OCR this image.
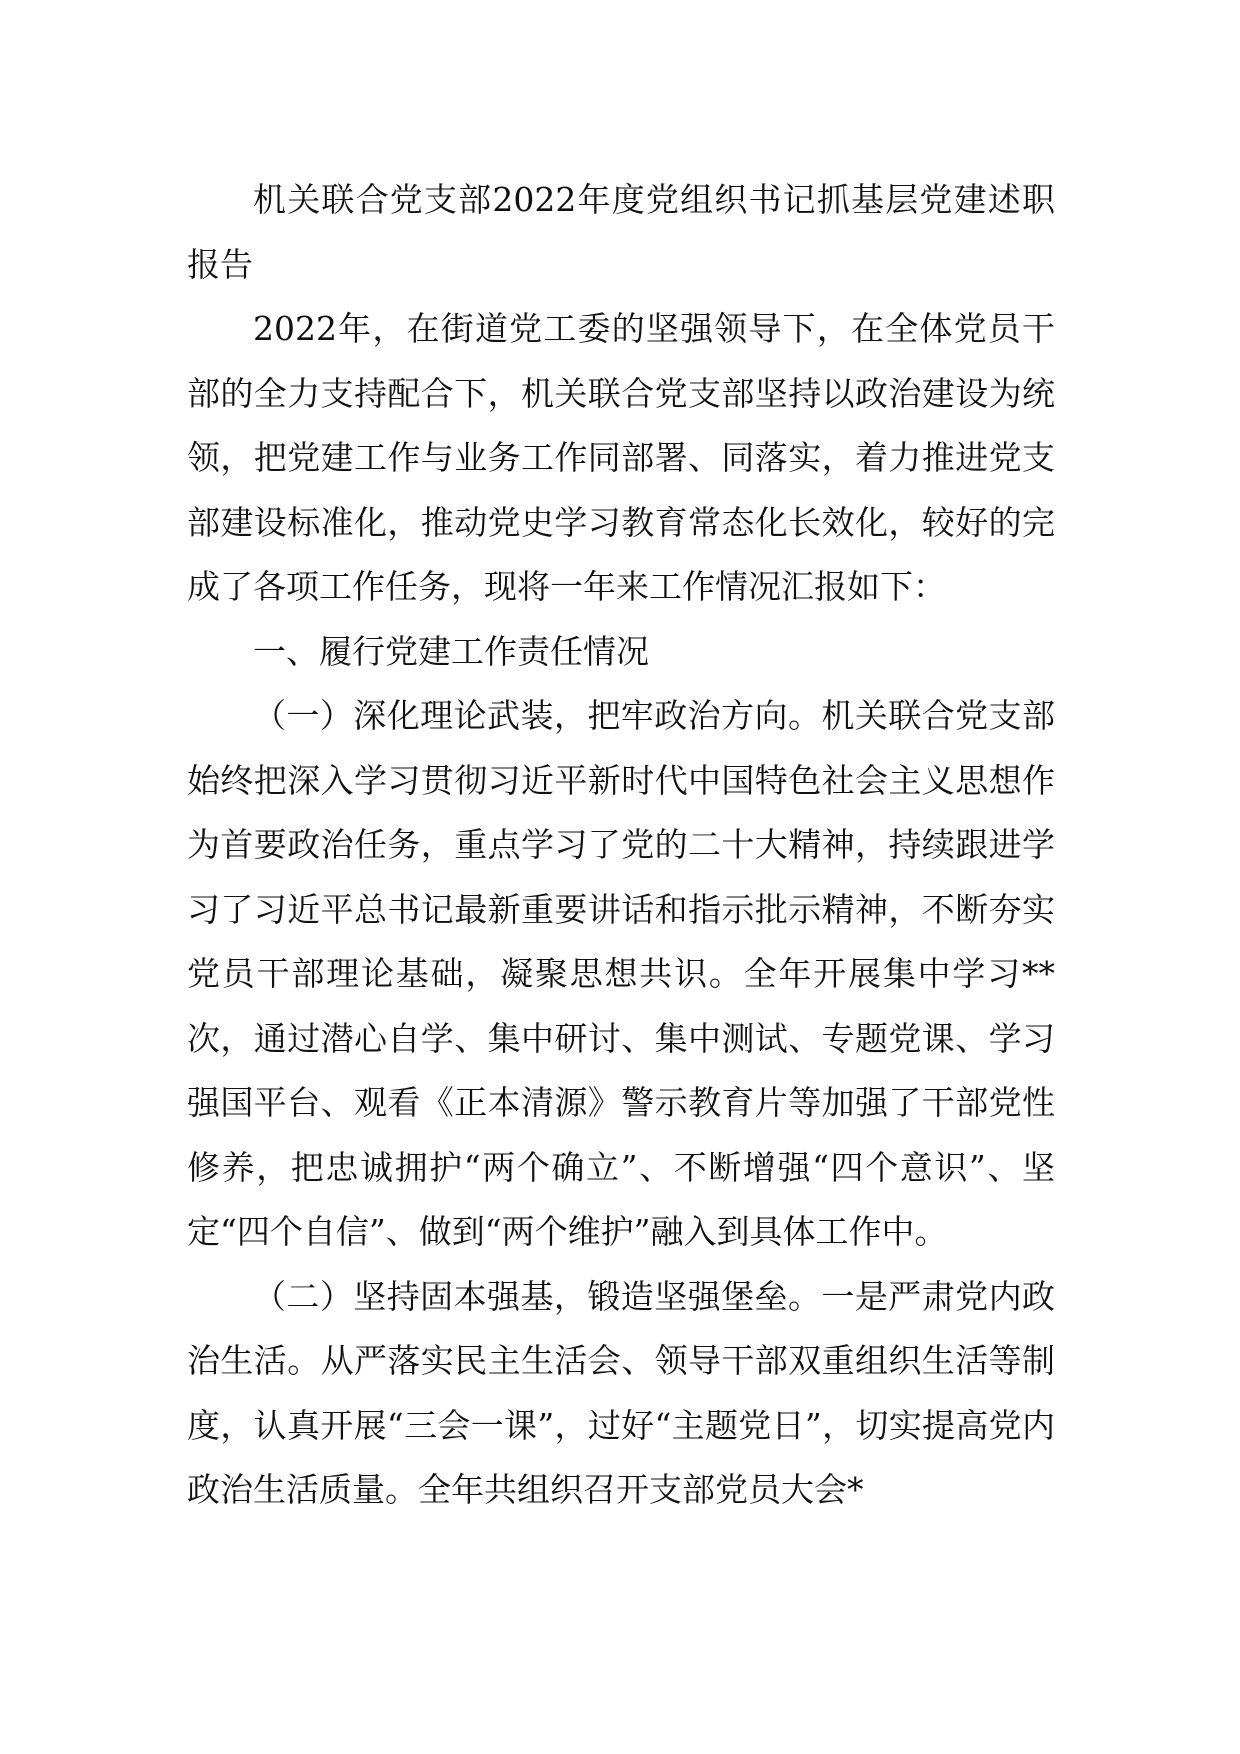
机关联合党支部2022年度党组织书记抓基层党建述职报告

2022年，在街道党工委的坚强领导下，在全体党员干部的全力支持配合下，机关联合党支部坚持以政治建设为统领，把党建工作与业务工作同部署、同落实，着力推进党支部建设标准化，推动党史学习教育常态化长效化，较好的完成了各项工作任务，现将一年来工作情况汇报如下：

一、履行党建工作责任情况

（一）深化理论武装，把牢政治方向。机关联合党支部始终把深入学习贯彻习近平新时代中国特色社会主义思想作为首要政治任务，重点学习了党的二十大精神，持续跟进学习了习近平总书记最新重要讲话和指示批示精神，不断夯实党员干部理论基础，凝聚思想共识。全年开展集中学习**次，通过潜心自学、集中研讨、集中测试、专题党课、学习强国平台、观看《正本清源》警示教育片等加强了干部党性修养，把忠诚拥护“两个确立”、不断增强“四个意识”、坚定“四个自信”、做到“两个维护”融入到具体工作中。

（二）坚持固本强基，锻造坚强堡垒。一是严肃党内政治生活。从严落实民主生活会、领导干部双重组织生活等制度，认真开展“三会一课”，过好“主题党日”，切实提高党内政治生活质量。全年共组织召开支部党员大会*
